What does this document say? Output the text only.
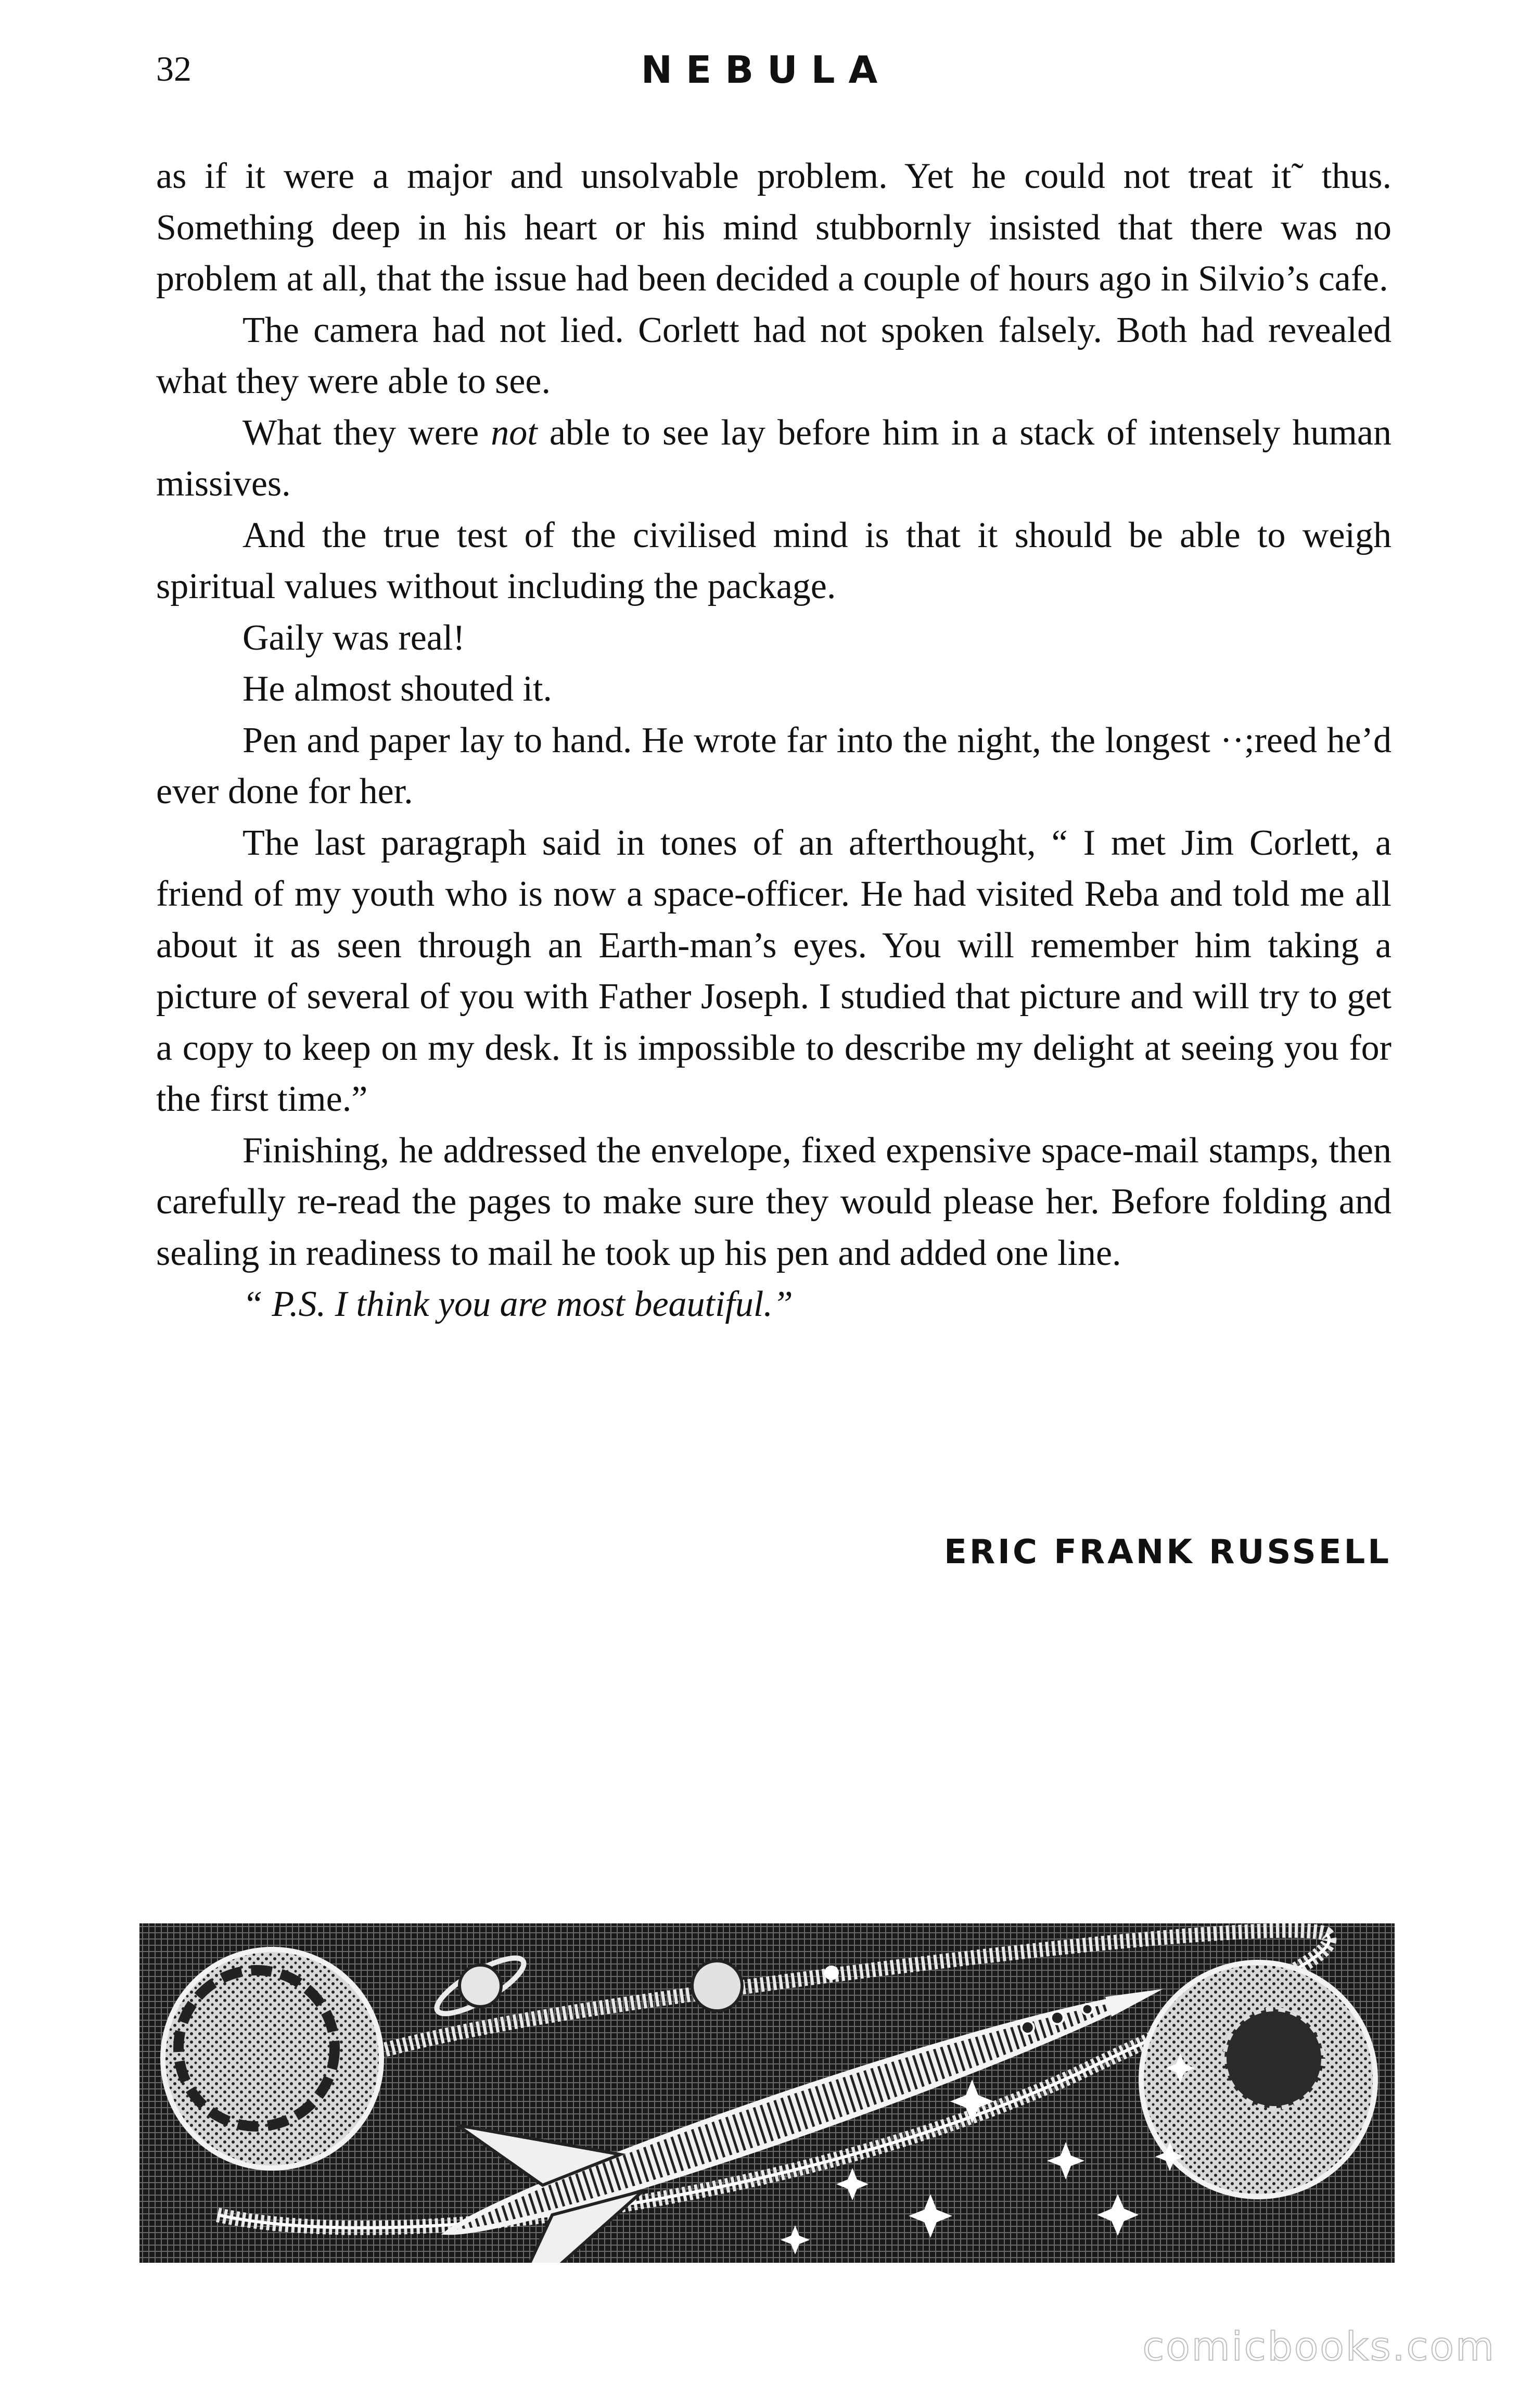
32	NEBULA

as if it were a major and unsolvable problem. Yet he could not treat it˜ thus. Something deep in his heart or his mind stubbornly insisted that there was no problem at all, that the issue had been decided a couple of hours ago in Silvio’s cafe.

The camera had not lied. Corlett had not spoken falsely. Both had revealed what they were able to see.

What they were not able to see lay before him in a stack of intensely human missives.

And the true test of the civilised mind is that it should be able to weigh spiritual values without including the package.

Gaily was real!

He almost shouted it.

Pen and paper lay to hand. He wrote far into the night, the longest ··;reed he’d ever done for her.

The last paragraph said in tones of an afterthought, “ I met Jim Corlett, a friend of my youth who is now a space-officer. He had visited Reba and told me all about it as seen through an Earth-man’s eyes. You will remember him taking a picture of several of you with Father Joseph. I studied that picture and will try to get a copy to keep on my desk. It is impossible to describe my delight at seeing you for the first time.”

Finishing, he addressed the envelope, fixed expensive space-mail stamps, then carefully re-read the pages to make sure they would please her. Before folding and sealing in readiness to mail he took up his pen and added one line.

“ P.S. I think you are most beautiful.”

ERIC FRANK RUSSELL
comicbooks.com
